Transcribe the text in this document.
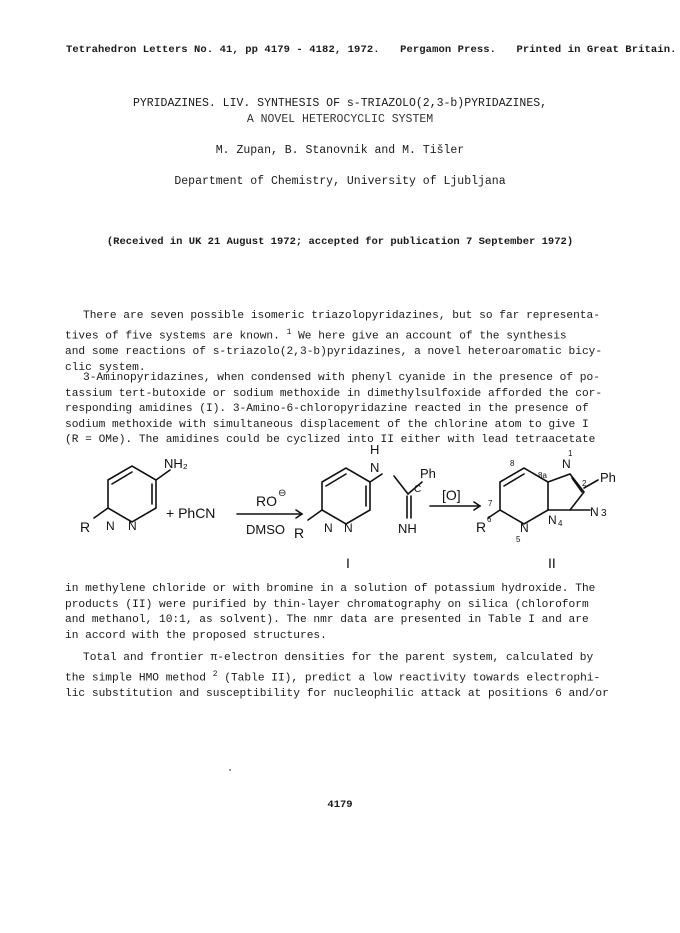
Tetrahedron Letters No. 41, pp 4179 - 4182, 1972. Pergamon Press. Printed in Great Britain.
PYRIDAZINES. LIV. SYNTHESIS OF s-TRIAZOLO(2,3-b)PYRIDAZINES,
A NOVEL HETEROCYCLIC SYSTEM
M. Zupan, B. Stanovnik and M. Tišler
Department of Chemistry, University of Ljubljana
(Received in UK 21 August 1972; accepted for publication 7 September 1972)
There are seven possible isomeric triazolopyridazines, but so far representa-
tives of five systems are known. $^1$ We here give an account of the synthesis
and some reactions of s-triazolo(2,3-b)pyridazines, a novel heteroaromatic bicy-
clic system.
3-Aminopyridazines, when condensed with phenyl cyanide in the presence of po-
tassium tert-butoxide or sodium methoxide in dimethylsulfoxide afforded the cor-
responding amidines (I). 3-Amino-6-chloropyridazine reacted in the presence of
sodium methoxide with simultaneous displacement of the chlorine atom to give I
(R = OMe). The amidines could be cyclized into II either with lead tetraacetate
NH₂
+ PhCN
R N N
RO ⊖
DMSO
H
N
C
Ph
NH
R N N
I
[O]
R 6
7
8
8a
N
1
2 Ph
N 3
N 4
N
5
II
in methylene chloride or with bromine in a solution of potassium hydroxide. The
products (II) were purified by thin-layer chromatography on silica (chloroform
and methanol, 10:1, as solvent). The nmr data are presented in Table I and are
in accord with the proposed structures.
Total and frontier π-electron densities for the parent system, calculated by
the simple HMO method $^2$ (Table II), predict a low reactivity towards electrophi-
lic substitution and susceptibility for nucleophilic attack at positions 6 and/or
4179
